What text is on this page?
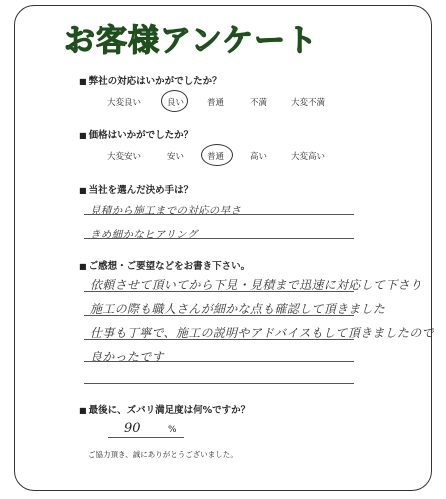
お客様アンケート
■ 弊社の対応はいかがでしたか？
大変良い	良い	普通	不満	大変不満
■ 価格はいかがでしたか？
大変安い	安い	普通	高い	大変高い
■ 当社を選んだ決め手は？
見積から施工までの対応の早さ
きめ細かなヒアリング
■ ご感想・ご要望などをお書き下さい。
依頼させて頂いてから下見・見積まで迅速に対応して下さり
施工の際も職人さんが細かな点も確認して頂きました
仕事も丁寧で、施工の説明やアドバイスもして頂きましたので
良かったです
■ 最後に、ズバリ満足度は何%ですか？
90	%
ご協力頂き、誠にありがとうございました。
